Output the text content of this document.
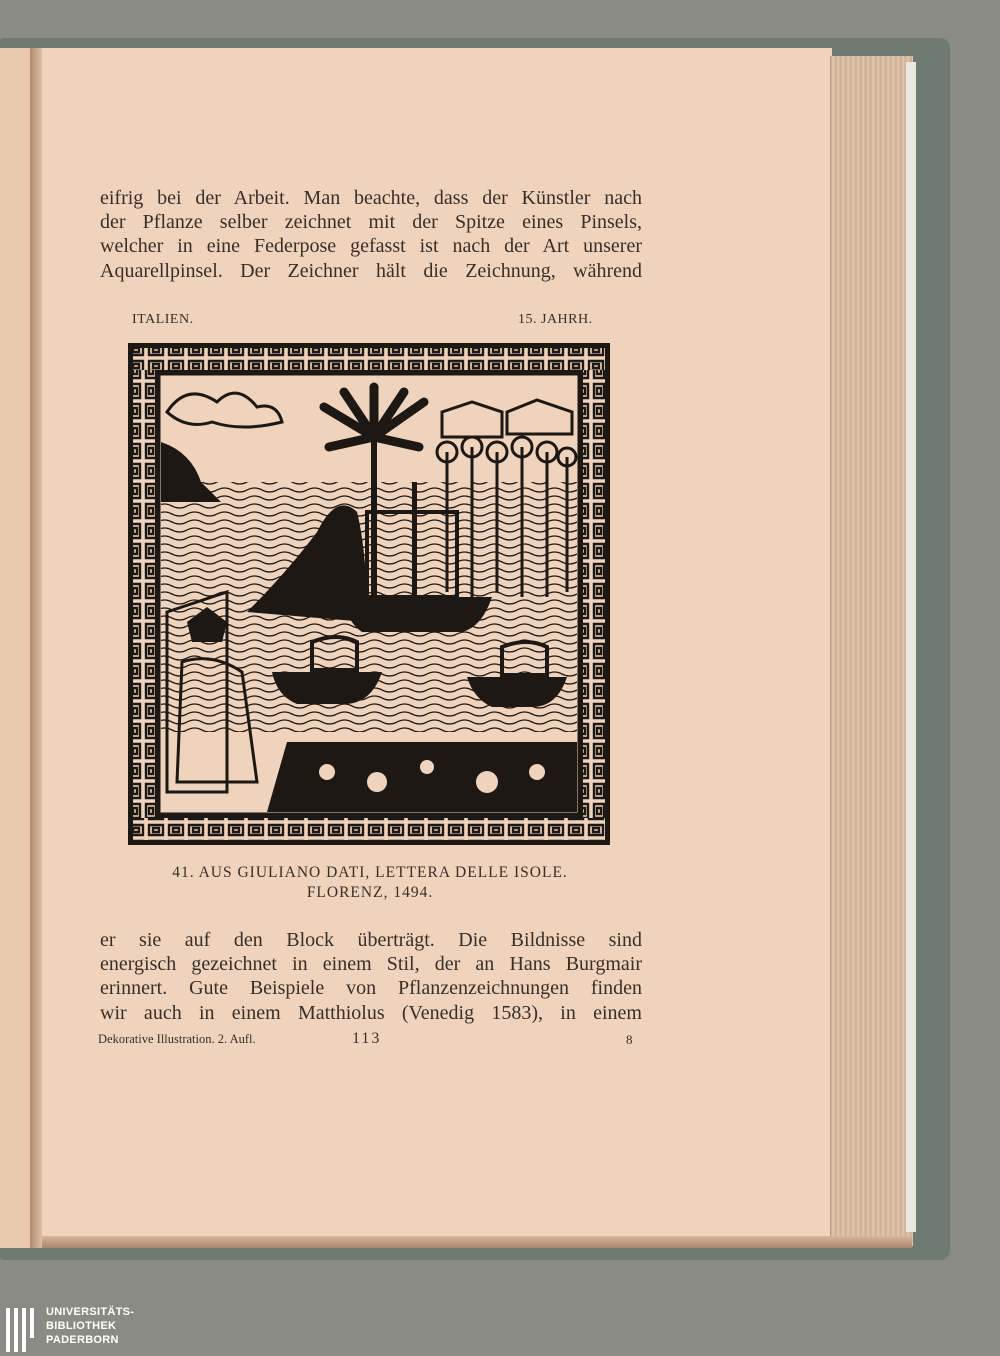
eifrig bei der Arbeit. Man beachte, dass der Künstler nach
der Pflanze selber zeichnet mit der Spitze eines Pinsels,
welcher in eine Federpose gefasst ist nach der Art unserer
Aquarellpinsel. Der Zeichner hält die Zeichnung, während
ITALIEN.	15. JAHRH.
41. AUS GIULIANO DATI, LETTERA DELLE ISOLE.
FLORENZ, 1494.
er sie auf den Block überträgt. Die Bildnisse sind
energisch gezeichnet in einem Stil, der an Hans Burgmair
erinnert. Gute Beispiele von Pflanzenzeichnungen finden
wir auch in einem Matthiolus (Venedig 1583), in einem
Dekorative Illustration. 2. Aufl.	113	8
UNIVERSITÄTS-
BIBLIOTHEK
PADERBORN
